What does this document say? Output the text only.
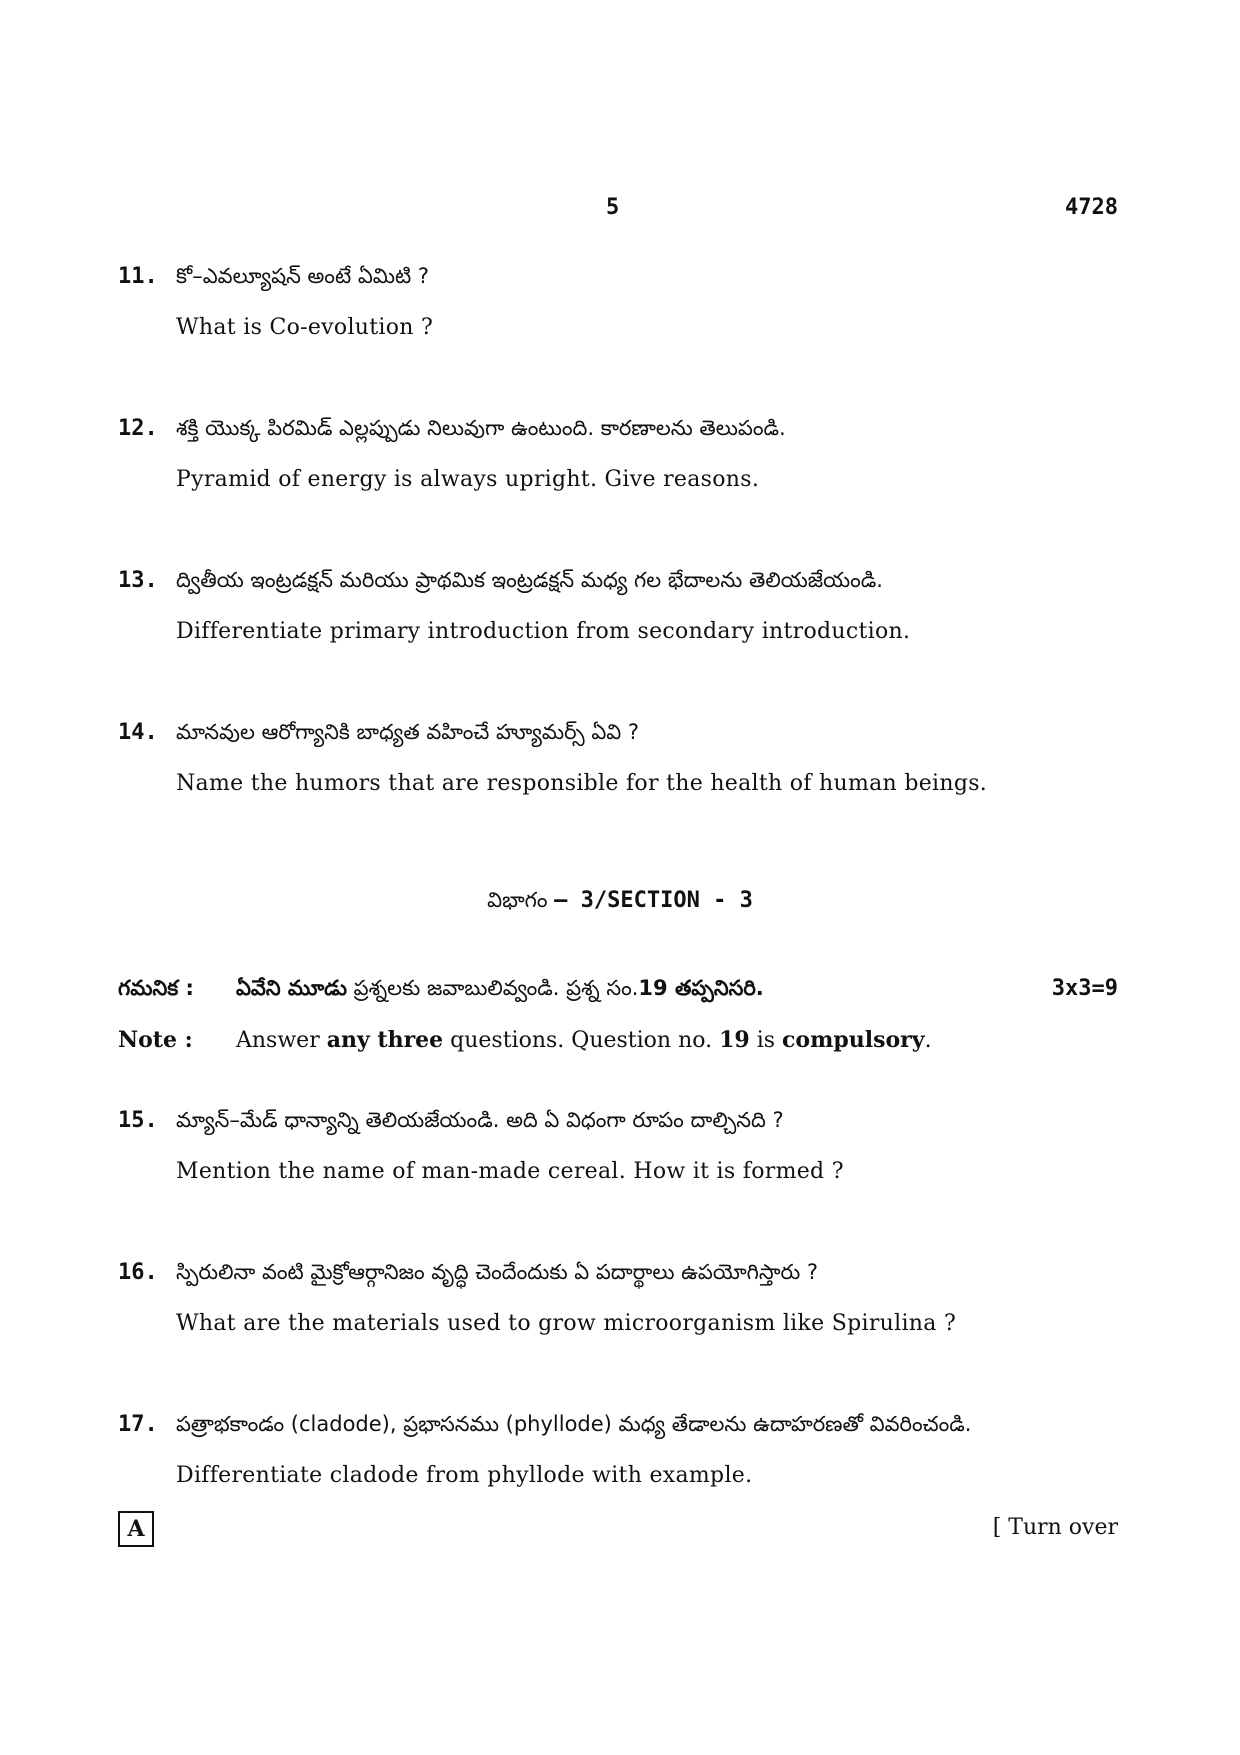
5	4728
11. కో–ఎవల్యూషన్ అంటే ఏమిటి ?
What is Co-evolution ?
12. శక్తి యొక్క పిరమిడ్ ఎల్లప్పుడు నిలువుగా ఉంటుంది. కారణాలను తెలుపండి.
Pyramid of energy is always upright. Give reasons.
13. ద్వితీయ ఇంట్రడక్షన్ మరియు ప్రాథమిక ఇంట్రడక్షన్ మధ్య గల భేదాలను తెలియజేయండి.
Differentiate primary introduction from secondary introduction.
14. మానవుల ఆరోగ్యానికి బాధ్యత వహించే హ్యూమర్స్ ఏవి ?
Name the humors that are responsible for the health of human beings.
విభాగం – 3/SECTION - 3
గమనిక : ఏవేని మూడు ప్రశ్నలకు జవాబులివ్వండి. ప్రశ్న సం.19 తప్పనిసరి.	3x3=9
Note : Answer any three questions. Question no. 19 is compulsory.
15. మ్యాన్–మేడ్ ధాన్యాన్ని తెలియజేయండి. అది ఏ విధంగా రూపం దాల్చినది ?
Mention the name of man-made cereal. How it is formed ?
16. స్పిరులినా వంటి మైక్రోఆర్గానిజం వృద్ధి చెందేందుకు ఏ పదార్థాలు ఉపయోగిస్తారు ?
What are the materials used to grow microorganism like Spirulina ?
17. పత్రాభకాండం (cladode), ప్రభాసనము (phyllode) మధ్య తేడాలను ఉదాహరణతో వివరించండి.
Differentiate cladode from phyllode with example.
A	[ Turn over
